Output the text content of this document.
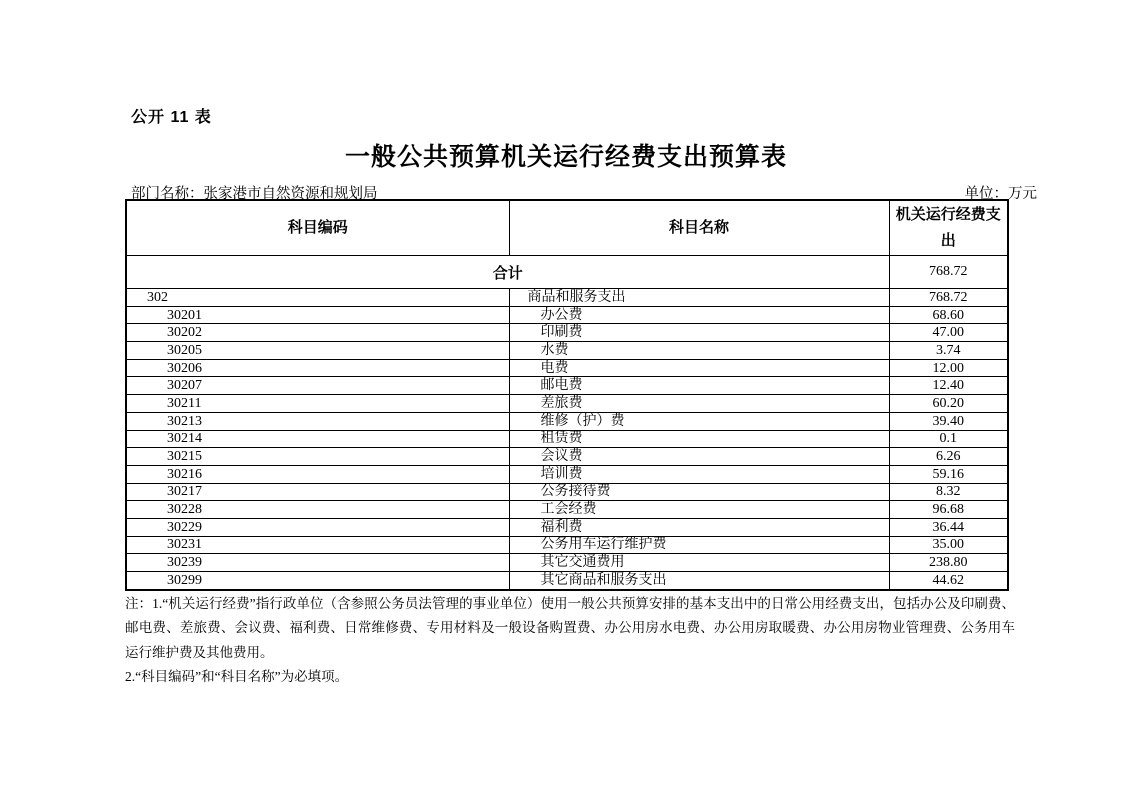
公开 11 表
一般公共预算机关运行经费支出预算表
部门名称：张家港市自然资源和规划局	单位：万元
科目编码	科目名称	机关运行经费支出
合计		768.72
302	商品和服务支出	768.72
30201	办公费	68.60
30202	印刷费	47.00
30205	水费	3.74
30206	电费	12.00
30207	邮电费	12.40
30211	差旅费	60.20
30213	维修（护）费	39.40
30214	租赁费	0.1
30215	会议费	6.26
30216	培训费	59.16
30217	公务接待费	8.32
30228	工会经费	96.68
30229	福利费	36.44
30231	公务用车运行维护费	35.00
30239	其它交通费用	238.80
30299	其它商品和服务支出	44.62
注：1.“机关运行经费”指行政单位（含参照公务员法管理的事业单位）使用一般公共预算安排的基本支出中的日常公用经费支出，包括办公及印刷费、
邮电费、差旅费、会议费、福利费、日常维修费、专用材料及一般设备购置费、办公用房水电费、办公用房取暖费、办公用房物业管理费、公务用车
运行维护费及其他费用。
2.“科目编码”和“科目名称”为必填项。
